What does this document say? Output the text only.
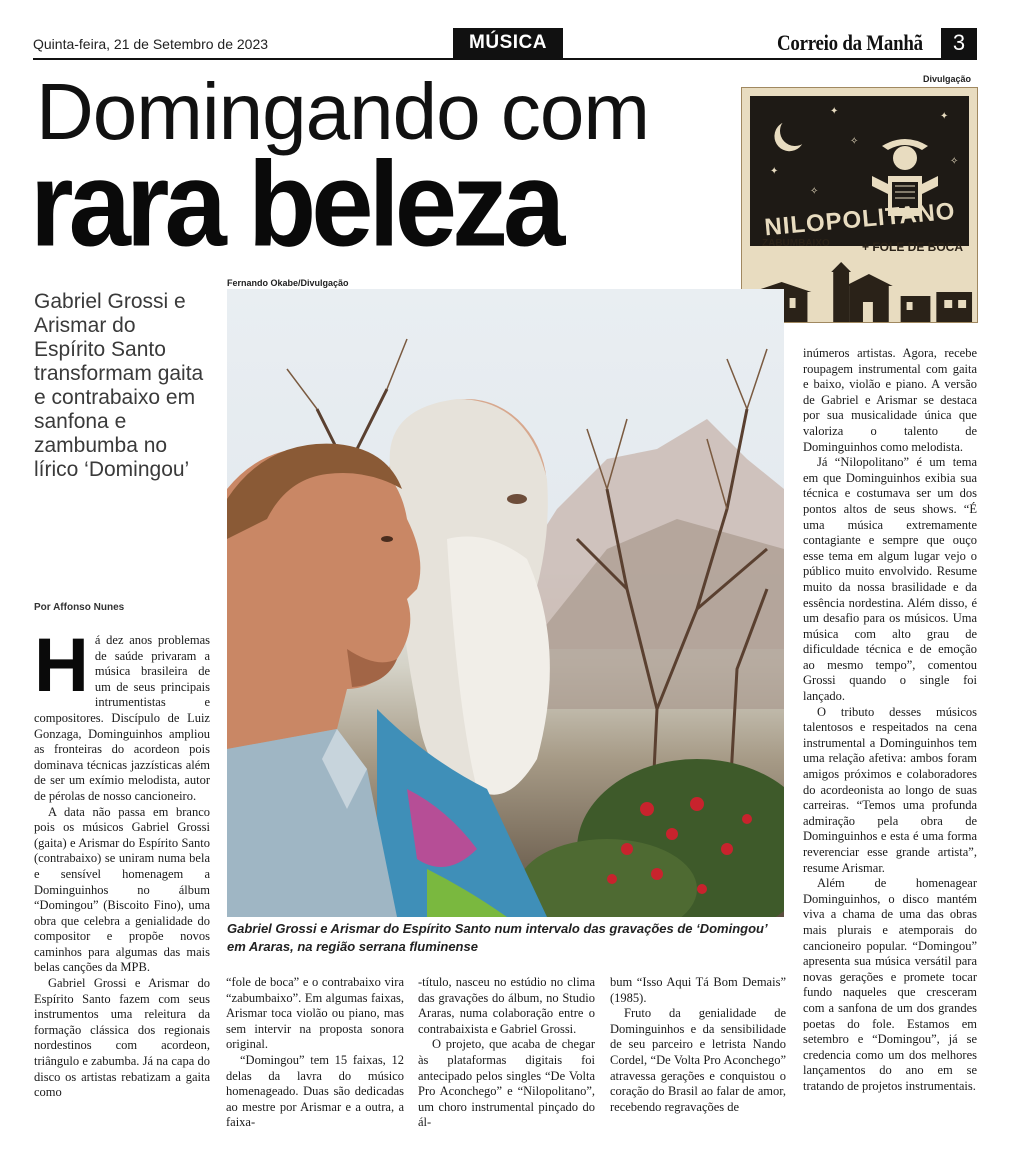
Quinta-feira, 21 de Setembro de 2023	MÚSICA	Correio da Manhã	3
Domingando com
rara beleza
Divulgação
✦
✧
✦
✧
✦
✧
NILOPOLITANO
ZABUMBAIXO	+ FOLE DE BOCA
Gabriel Grossi e Arismar do Espírito Santo transformam gaita e contrabaixo em sanfona e zambumba no lírico ‘Domingou’
Por Affonso Nunes
Fernando Okabe/Divulgação
Gabriel Grossi e Arismar do Espírito Santo num intervalo das gravações de ‘Domingou’ em Araras, na região serrana fluminense

Há dez anos problemas de saúde privaram a música brasileira de um de seus principais intrumentistas e compositores. Discípulo de Luiz Gonzaga, Dominguinhos ampliou as fronteiras do acordeon pois dominava técnicas jazzísticas além de ser um exímio melodista, autor de pérolas de nosso cancioneiro.

A data não passa em branco pois os músicos Gabriel Grossi (gaita) e Arismar do Espírito Santo (contrabaixo) se uniram numa bela e sensível homenagem a Dominguinhos no álbum “Domingou” (Biscoito Fino), uma obra que celebra a genialidade do compositor e propõe novos caminhos para algumas das mais belas canções da MPB.

Gabriel Grossi e Arismar do Espírito Santo fazem com seus instrumentos uma releitura da formação clássica dos regionais nordestinos com acordeon, triângulo e zabumba. Já na capa do disco os artistas rebatizam a gaita como

“fole de boca” e o contrabaixo vira “zabumbaixo”. Em algumas faixas, Arismar toca violão ou piano, mas sem intervir na proposta sonora original.

“Domingou” tem 15 faixas, 12 delas da lavra do músico homenageado. Duas são dedicadas ao mestre por Arismar e a outra, a faixa-

-título, nasceu no estúdio no clima das gravações do álbum, no Studio Araras, numa colaboração entre o contrabaixista e Gabriel Grossi.

O projeto, que acaba de chegar às plataformas digitais foi antecipado pelos singles “De Volta Pro Aconchego” e “Nilopolitano”, um choro instrumental pinçado do ál-

bum “Isso Aqui Tá Bom Demais” (1985).

Fruto da genialidade de Dominguinhos e da sensibilidade de seu parceiro e letrista Nando Cordel, “De Volta Pro Aconchego” atravessa gerações e conquistou o coração do Brasil ao falar de amor, recebendo regravações de

inúmeros artistas. Agora, recebe roupagem instrumental com gaita e baixo, violão e piano. A versão de Gabriel e Arismar se destaca por sua musicalidade única que valoriza o talento de Dominguinhos como melodista.

Já “Nilopolitano” é um tema em que Dominguinhos exibia sua técnica e costumava ser um dos pontos altos de seus shows. “É uma música extremamente contagiante e sempre que ouço esse tema em algum lugar vejo o público muito envolvido. Resume muito da nossa brasilidade e da essência nordestina. Além disso, é um desafio para os músicos. Uma música com alto grau de dificuldade técnica e de emoção ao mesmo tempo”, comentou Grossi quando o single foi lançado.

O tributo desses músicos talentosos e respeitados na cena instrumental a Dominguinhos tem uma relação afetiva: ambos foram amigos próximos e colaboradores do acordeonista ao longo de suas carreiras. “Temos uma profunda admiração pela obra de Dominguinhos e esta é uma forma reverenciar esse grande artista”, resume Arismar.

Além de homenagear Dominguinhos, o disco mantém viva a chama de uma das obras mais plurais e atemporais do cancioneiro popular. “Domingou” apresenta sua música versátil para novas gerações e promete tocar fundo naqueles que cresceram com a sanfona de um dos grandes poetas do fole. Estamos em setembro e “Domingou”, já se credencia como um dos melhores lançamentos do ano em se tratando de projetos instrumentais.
